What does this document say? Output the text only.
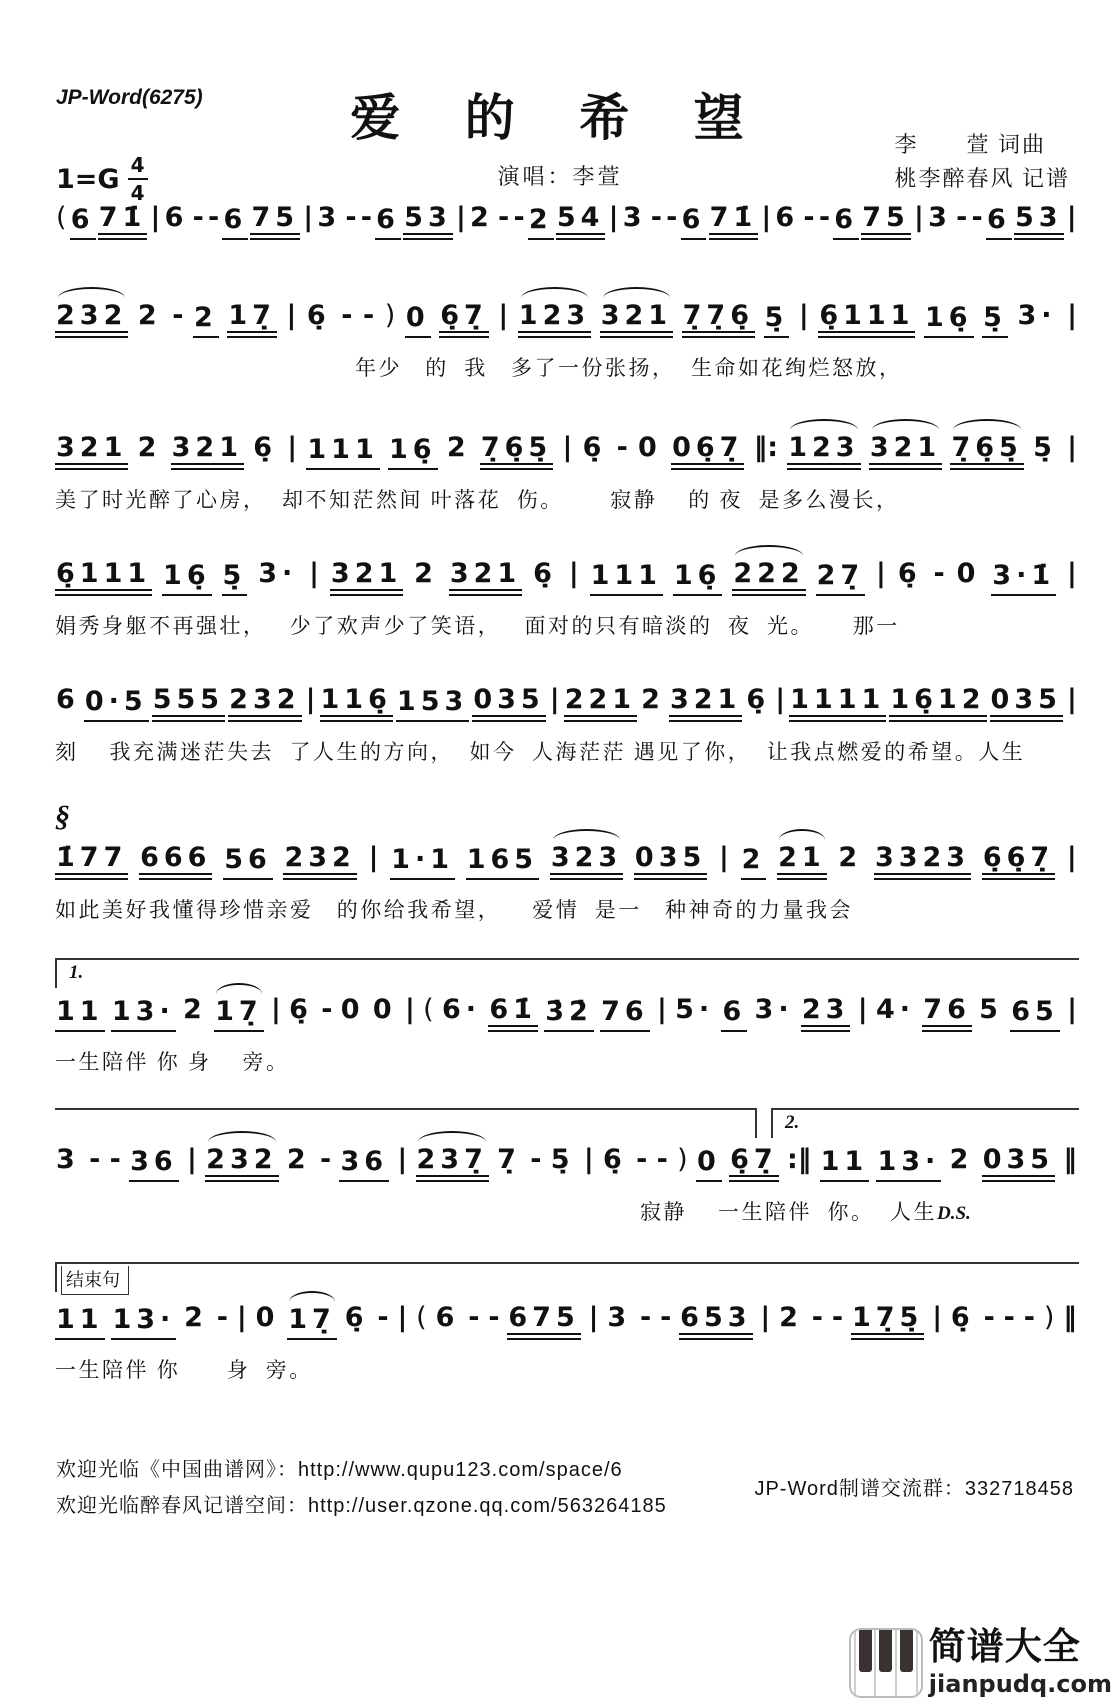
JP-Word(6275)	爱 的 希 望	李　　萱 词曲
桃李醉春风 记谱
$1=G \frac{4}{4}$	演唱：李萱
( 6 71̇ | 6 - - 6 75 | 3 - - 6 53 | 2 - - 2 54 | 3 - - 6 71̇ | 6 - - 6 75 | 3 - - 6 53 |
232 2 - 2 17̣ | 6̣ - - ) 0 6̣7̣ | 123 321 7̣7̣6̣ 5̣ | 6̣111 16̣ 5̣ 3· |
年少   的  我   多了一份张扬，  生命如花绚烂怒放，
321 2 321 6̣ | 111 16̣ 2 7̣6̣5̣ | 6̣ - 0 06̣7̣ ‖: 123 321 7̣6̣5̣ 5̣ |
美了时光醉了心房，  却不知茫然间 叶落花  伤。      寂静    的 夜  是多么漫长，
6̣111 16̣ 5̣ 3· | 321 2 321 6̣ | 111 16̣ 222 27̣ | 6̣ - 0 3·1̇ |
娟秀身躯不再强壮，   少了欢声少了笑语，   面对的只有暗淡的  夜  光。     那一
6 0·5 555 232 | 116̣ 153 035 | 221 2 321 6̣ | 1111 16̣12 035 |
刻    我充满迷茫失去  了人生的方向，  如今  人海茫茫 遇见了你，  让我点燃爱的希望。人生
§
1̇77 666 56 232 | 1·1 165 323 035 | 2 21 2 3323 6̣6̣7̣ |
如此美好我懂得珍惜亲爱   的你给我希望，    爱情  是一   种神奇的力量我会
1.
11 13· 2 17̣ | 6̣ - 0 0 | ( 6· 61̇ 3̇2̇ 76 | 5· 6 3· 23 | 4· 76 5 65 |
一生陪伴 你 身    旁。
2.
3 - - 36 | 232 2 - 36 | 237̣ 7̣ - 5̣ | 6̣ - - ) 0 6̣7̣ :‖ 11 13· 2 035 ‖
寂静    一生陪伴  你。  人生D.S.
结束句
11 13· 2 - | 0 17̣ 6̣ - | ( 6 - - 675 | 3 - - 653 | 2 - - 17̣5̣ | 6̣ - - - ) ‖
一生陪伴 你      身  旁。
欢迎光临《中国曲谱网》：http://www.qupu123.com/space/6
欢迎光临醉春风记谱空间：http://user.qzone.qq.com/563264185
JP-Word制谱交流群：332718458
简谱大全
jianpudq.com
